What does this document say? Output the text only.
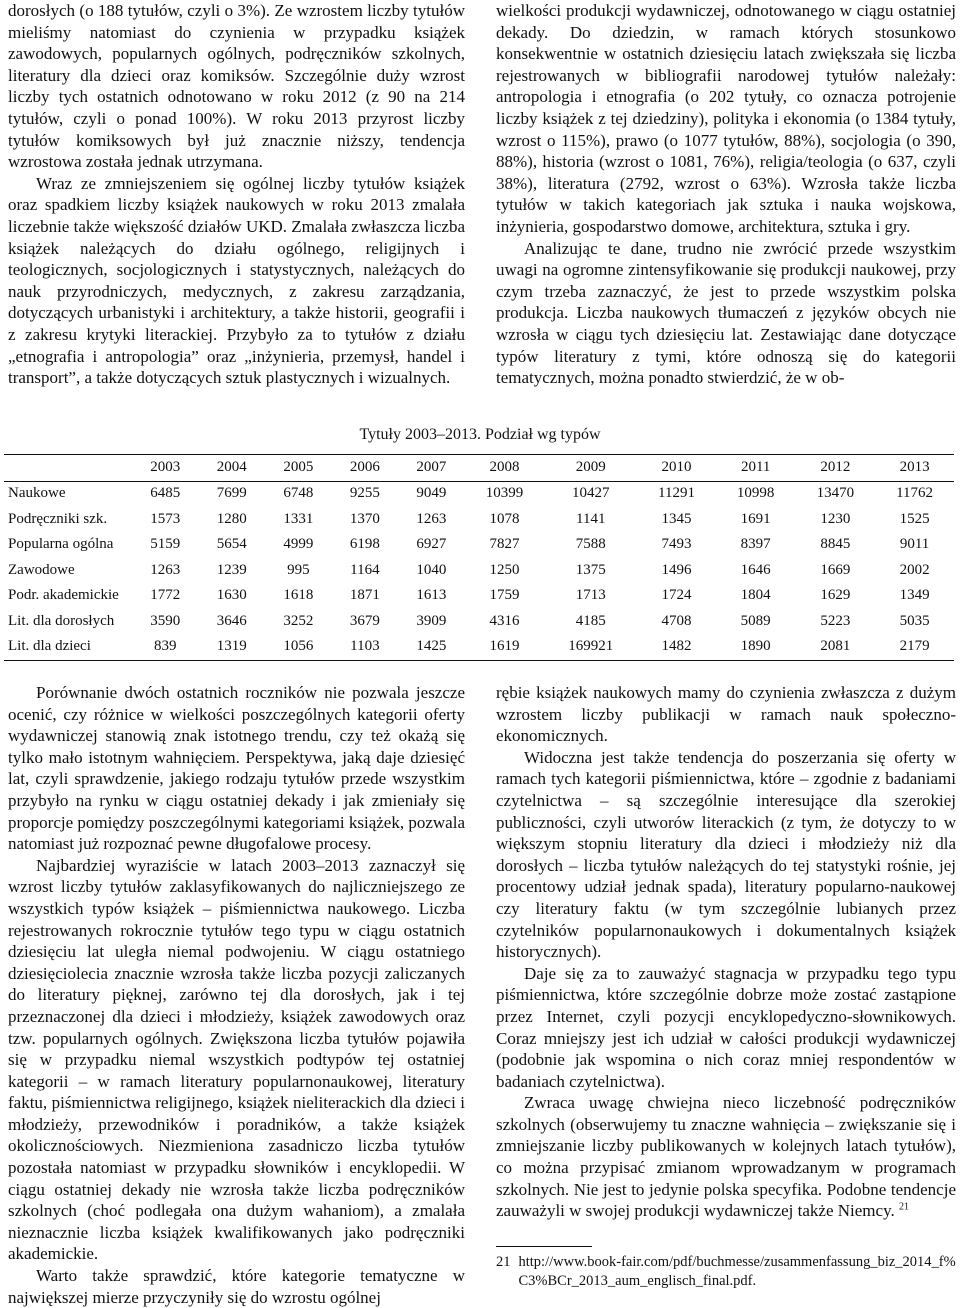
dorosłych (o 188 tytułów, czyli o 3%). Ze wzrostem liczby tytułów mieliśmy natomiast do czynienia w przypadku książek zawodowych, popularnych ogólnych, podręczników szkolnych, literatury dla dzieci oraz komiksów. Szczególnie duży wzrost liczby tych ostatnich odnotowano w roku 2012 (z 90 na 214 tytułów, czyli o ponad 100%). W roku 2013 przyrost liczby tytułów komiksowych był już znacznie niższy, tendencja wzrostowa została jednak utrzymana.

Wraz ze zmniejszeniem się ogólnej liczby tytułów książek oraz spadkiem liczby książek naukowych w roku 2013 zmalała liczebnie także większość działów UKD. Zmalała zwłaszcza liczba książek należących do działu ogólnego, religijnych i teologicznych, socjologicznych i statystycznych, należących do nauk przyrodniczych, medycznych, z zakresu zarządzania, dotyczących urbanistyki i architektury, a także historii, geografii i z zakresu krytyki literackiej. Przybyło za to tytułów z działu „etnografia i antropologia” oraz „inżynieria, przemysł, handel i transport”, a także dotyczących sztuk plastycznych i wizualnych.

wielkości produkcji wydawniczej, odnotowanego w ciągu ostatniej dekady. Do dziedzin, w ramach których stosunkowo konsekwentnie w ostatnich dziesięciu latach zwiększała się liczba rejestrowanych w bibliografii narodowej tytułów należały: antropologia i etnografia (o 202 tytuły, co oznacza potrojenie liczby książek z tej dziedziny), polityka i ekonomia (o 1384 tytuły, wzrost o 115%), prawo (o 1077 tytułów, 88%), socjologia (o 390, 88%), historia (wzrost o 1081, 76%), religia/teologia (o 637, czyli 38%), literatura (2792, wzrost o 63%). Wzrosła także liczba tytułów w takich kategoriach jak sztuka i nauka wojskowa, inżynieria, gospodarstwo domowe, architektura, sztuka i gry.

Analizując te dane, trudno nie zwrócić przede wszystkim uwagi na ogromne zintensyfikowanie się produkcji naukowej, przy czym trzeba zaznaczyć, że jest to przede wszystkim polska produkcja. Liczba naukowych tłumaczeń z języków obcych nie wzrosła w ciągu tych dziesięciu lat. Zestawiając dane dotyczące typów literatury z tymi, które odnoszą się do kategorii tematycznych, można ponadto stwierdzić, że w ob-

Tytuły 2003–2013. Podział wg typów
	2003	2004	2005	2006	2007	2008	2009	2010	2011	2012	2013
Naukowe	6485	7699	6748	9255	9049	10399	10427	11291	10998	13470	11762
Podręczniki szk.	1573	1280	1331	1370	1263	1078	1141	1345	1691	1230	1525
Popularna ogólna	5159	5654	4999	6198	6927	7827	7588	7493	8397	8845	9011
Zawodowe	1263	1239	995	1164	1040	1250	1375	1496	1646	1669	2002
Podr. akademickie	1772	1630	1618	1871	1613	1759	1713	1724	1804	1629	1349
Lit. dla dorosłych	3590	3646	3252	3679	3909	4316	4185	4708	5089	5223	5035
Lit. dla dzieci	839	1319	1056	1103	1425	1619	169921	1482	1890	2081	2179

Porównanie dwóch ostatnich roczników nie pozwala jeszcze ocenić, czy różnice w wielkości poszczególnych kategorii oferty wydawniczej stanowią znak istotnego trendu, czy też okażą się tylko mało istotnym wahnięciem. Perspektywa, jaką daje dziesięć lat, czyli sprawdzenie, jakiego rodzaju tytułów przede wszystkim przybyło na rynku w ciągu ostatniej dekady i jak zmieniały się proporcje pomiędzy poszczególnymi kategoriami książek, pozwala natomiast już rozpoznać pewne długofalowe procesy.

Najbardziej wyraziście w latach 2003–2013 zaznaczył się wzrost liczby tytułów zaklasyfikowanych do najliczniejszego ze wszystkich typów książek – piśmiennictwa naukowego. Liczba rejestrowanych rokrocznie tytułów tego typu w ciągu ostatnich dziesięciu lat uległa niemal podwojeniu. W ciągu ostatniego dziesięciolecia znacznie wzrosła także liczba pozycji zaliczanych do literatury pięknej, zarówno tej dla dorosłych, jak i tej przeznaczonej dla dzieci i młodzieży, książek zawodowych oraz tzw. popularnych ogólnych. Zwiększona liczba tytułów pojawiła się w przypadku niemal wszystkich podtypów tej ostatniej kategorii – w ramach literatury popularnonaukowej, literatury faktu, piśmiennictwa religijnego, książek nieliterackich dla dzieci i młodzieży, przewodników i poradników, a także książek okolicznościowych. Niezmieniona zasadniczo liczba tytułów pozostała natomiast w przypadku słowników i encyklopedii. W ciągu ostatniej dekady nie wzrosła także liczba podręczników szkolnych (choć podlegała ona dużym wahaniom), a zmalała nieznacznie liczba książek kwalifikowanych jako podręczniki akademickie.

Warto także sprawdzić, które kategorie tematyczne w największej mierze przyczyniły się do wzrostu ogólnej

rębie książek naukowych mamy do czynienia zwłaszcza z dużym wzrostem liczby publikacji w ramach nauk społeczno-ekonomicznych.

Widoczna jest także tendencja do poszerzania się oferty w ramach tych kategorii piśmiennictwa, które – zgodnie z badaniami czytelnictwa – są szczególnie interesujące dla szerokiej publiczności, czyli utworów literackich (z tym, że dotyczy to w większym stopniu literatury dla dzieci i młodzieży niż dla dorosłych – liczba tytułów należących do tej statystyki rośnie, jej procentowy udział jednak spada), literatury popularno-naukowej czy literatury faktu (w tym szczególnie lubianych przez czytelników popularnonaukowych i dokumentalnych książek historycznych).

Daje się za to zauważyć stagnacja w przypadku tego typu piśmiennictwa, które szczególnie dobrze może zostać zastąpione przez Internet, czyli pozycji encyklopedyczno-słownikowych. Coraz mniejszy jest ich udział w całości produkcji wydawniczej (podobnie jak wspomina o nich coraz mniej respondentów w badaniach czytelnictwa).

Zwraca uwagę chwiejna nieco liczebność podręczników szkolnych (obserwujemy tu znaczne wahnięcia – zwiększanie się i zmniejszanie liczby publikowanych w kolejnych latach tytułów), co można przypisać zmianom wprowadzanym w programach szkolnych. Nie jest to jedynie polska specyfika. Podobne tendencje zauważyli w swojej produkcji wydawniczej także Niemcy. $^{21}$

21 http://www.book-fair.com/pdf/buchmesse/zusammenfassung_biz_2014_f%C3%BCr_2013_aum_englisch_final.pdf.
